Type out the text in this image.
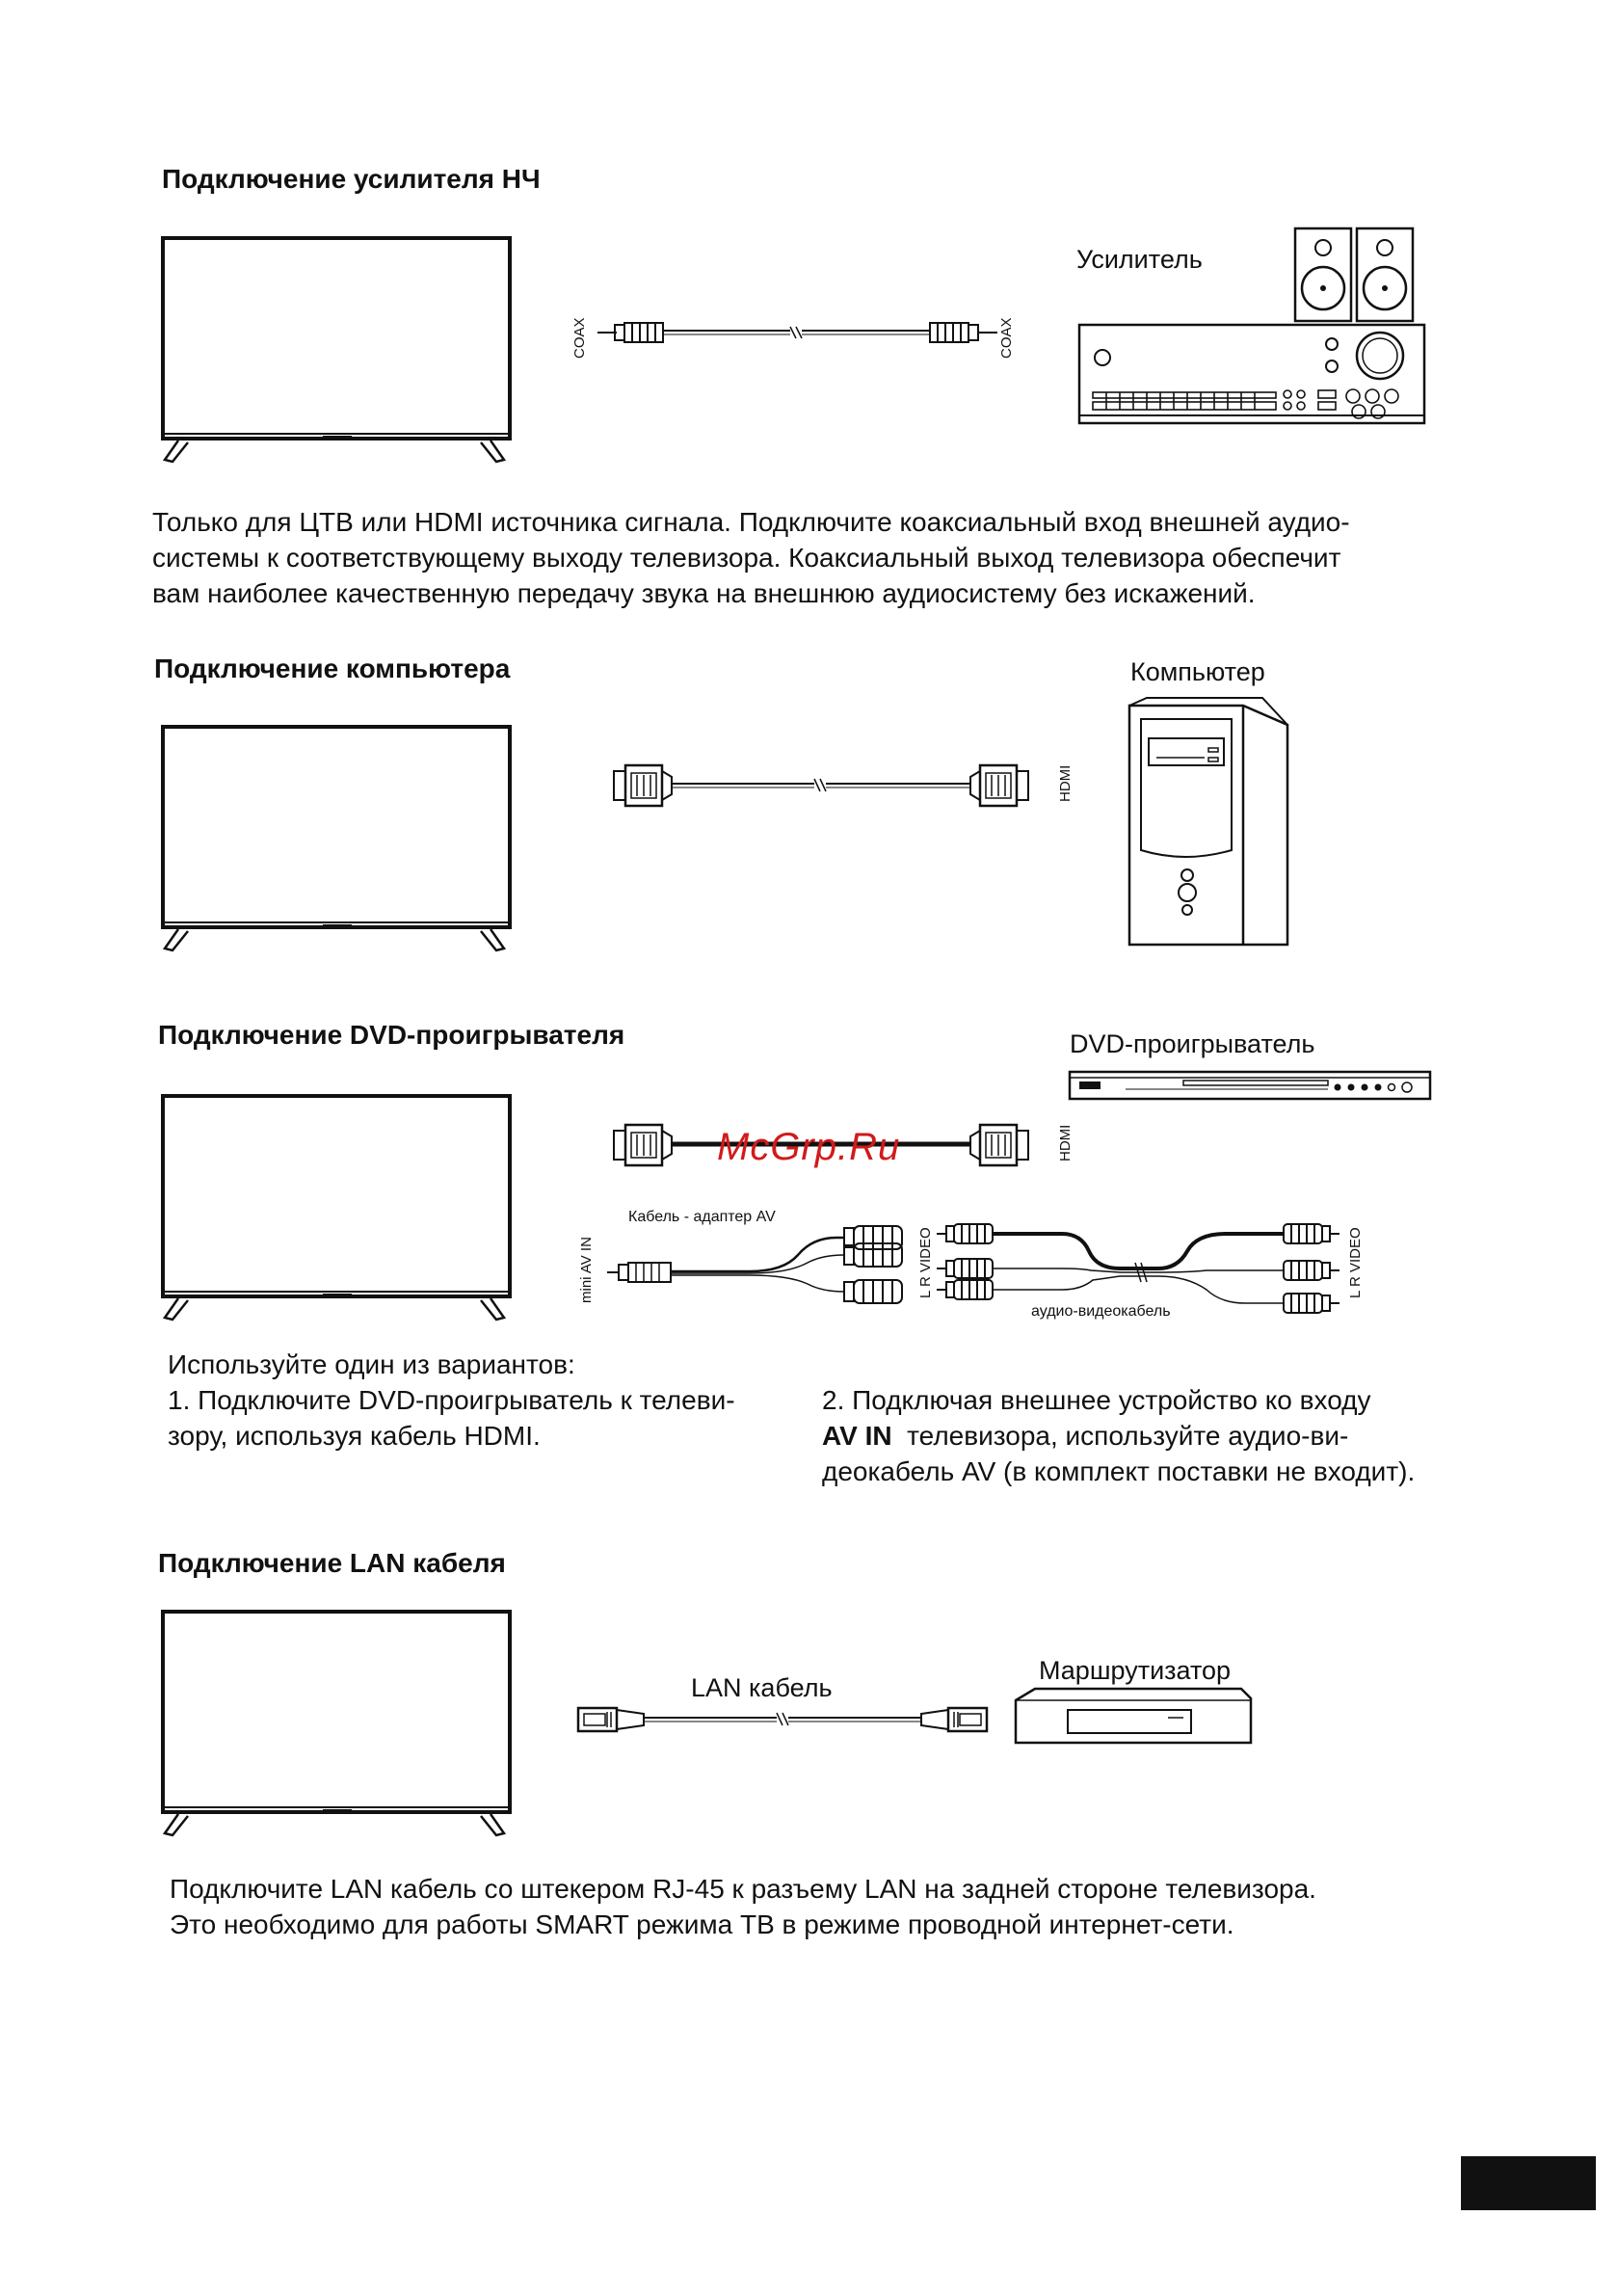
Подключение усилителя НЧ
COAX	COAX
Усилитель
Только для ЦТВ или HDMI источника сигнала. Подключите коаксиальный вход внешней аудио-
системы к соответствующему выходу телевизора. Коаксиальный выход телевизора обеспечит
вам наиболее качественную передачу звука на внешнюю аудиосистему без искажений.
Подключение компьютера	Компьютер
HDMI
Подключение DVD-проигрывателя	DVD-проигрыватель
HDMI
McGrp.Ru
Кабель - адаптер AV
mini AV IN	L R VIDEO	L R VIDEO
аудио-видеокабель
Используйте один из вариантов:
1. Подключите DVD-проигрыватель к телеви-
зору, используя кабель HDMI.
2. Подключая внешнее устройство ко входу
AV IN  телевизора, используйте аудио-ви-
деокабель AV (в комплект поставки не входит).
Подключение LAN кабеля
LAN кабель
Маршрутизатор
Подключите LAN кабель со штекером RJ-45 к разъему LAN на задней стороне телевизора.
Это необходимо для работы SMART режима ТВ в режиме проводной интернет-сети.
